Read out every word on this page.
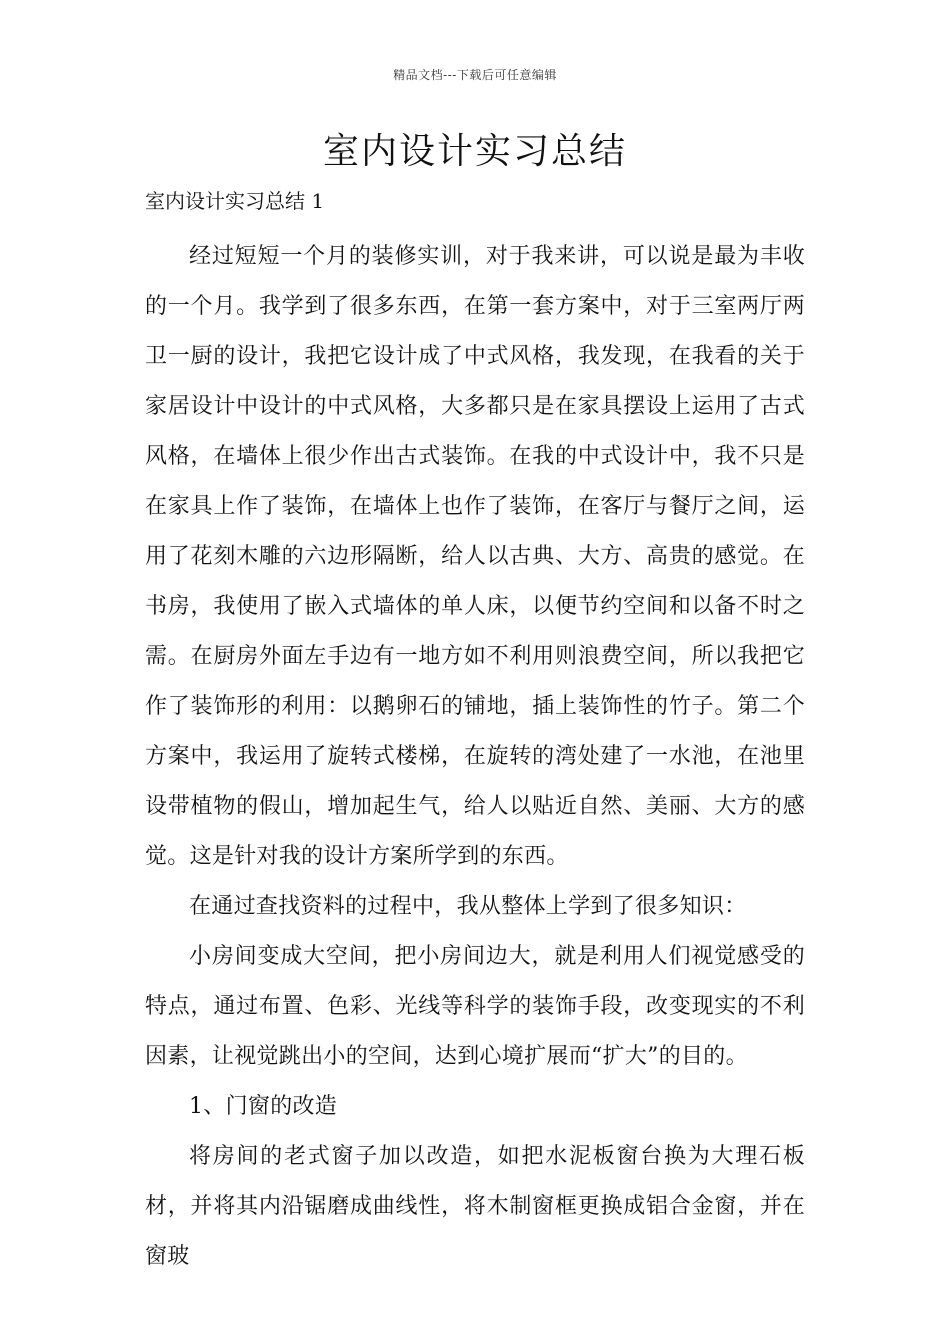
精品文档---下载后可任意编辑
室内设计实习总结

室内设计实习总结 1

经过短短一个月的装修实训，对于我来讲，可以说是最为丰收的一个月。我学到了很多东西，在第一套方案中，对于三室两厅两卫一厨的设计，我把它设计成了中式风格，我发现，在我看的关于家居设计中设计的中式风格，大多都只是在家具摆设上运用了古式风格，在墙体上很少作出古式装饰。在我的中式设计中，我不只是在家具上作了装饰，在墙体上也作了装饰，在客厅与餐厅之间，运用了花刻木雕的六边形隔断，给人以古典、大方、高贵的感觉。在书房，我使用了嵌入式墙体的单人床，以便节约空间和以备不时之需。在厨房外面左手边有一地方如不利用则浪费空间，所以我把它作了装饰形的利用：以鹅卵石的铺地，插上装饰性的竹子。第二个方案中，我运用了旋转式楼梯，在旋转的湾处建了一水池，在池里设带植物的假山，增加起生气，给人以贴近自然、美丽、大方的感觉。这是针对我的设计方案所学到的东西。

在通过查找资料的过程中，我从整体上学到了很多知识：

小房间变成大空间，把小房间边大，就是利用人们视觉感受的特点，通过布置、色彩、光线等科学的装饰手段，改变现实的不利因素，让视觉跳出小的空间，达到心境扩展而“扩大”的目的。

1、门窗的改造

将房间的老式窗子加以改造，如把水泥板窗台换为大理石板材，并将其内沿锯磨成曲线性，将木制窗框更换成铝合金窗，并在窗玻
